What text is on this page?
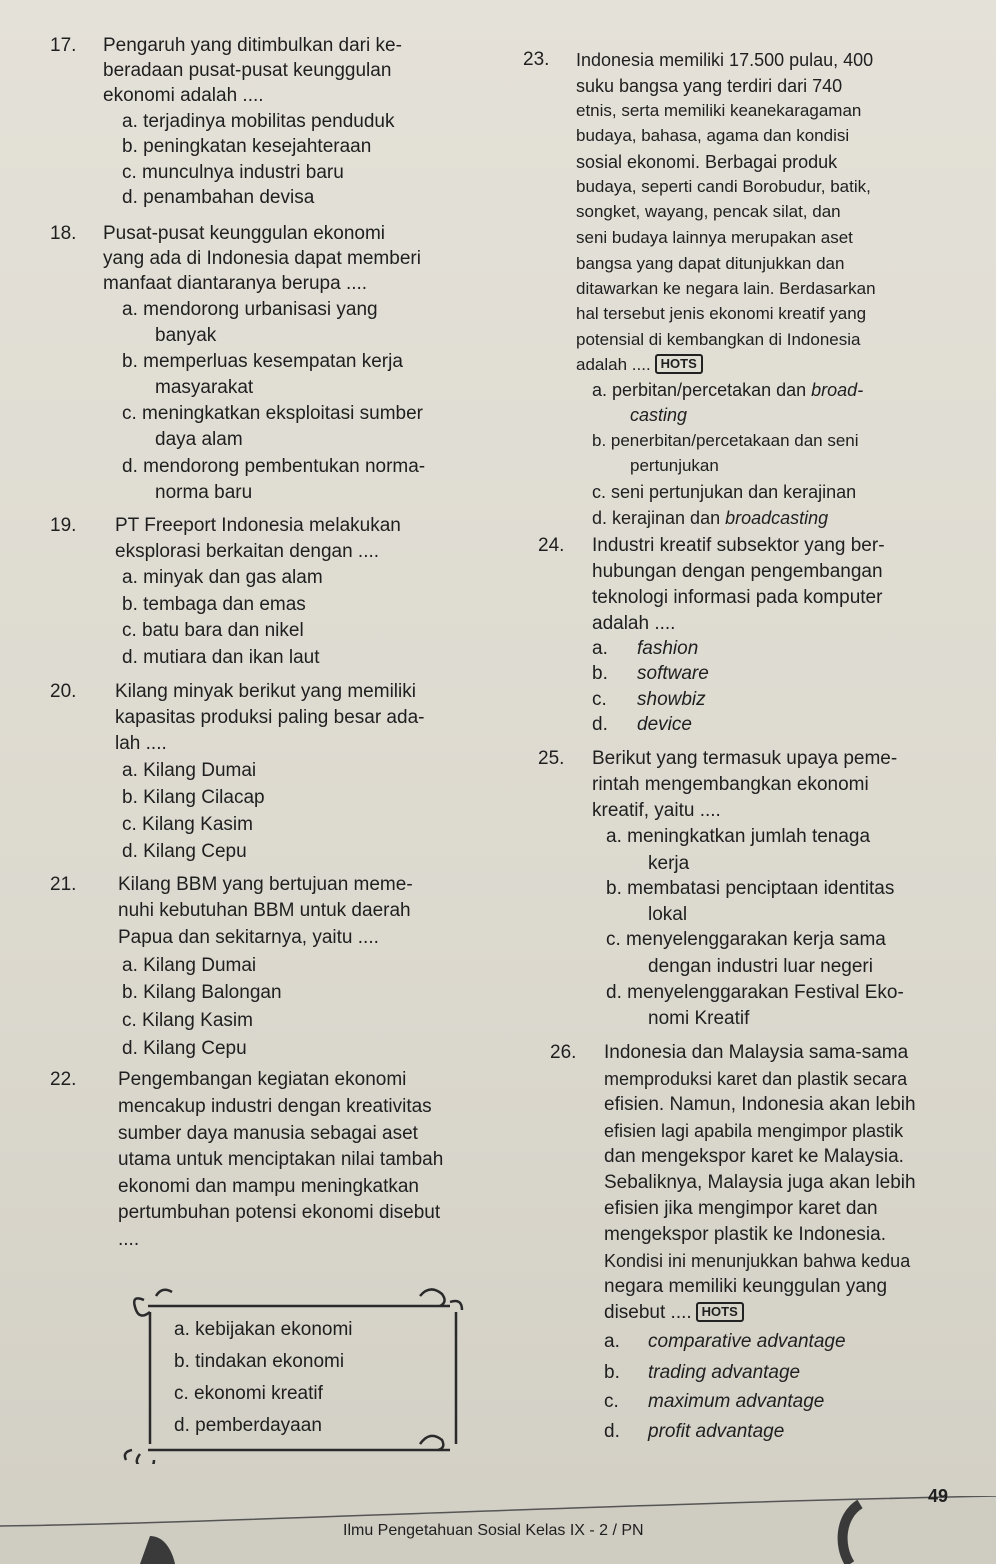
17. Pengaruh yang ditimbulkan dari ke-
beradaan pusat-pusat keunggulan
ekonomi adalah ....
a. terjadinya mobilitas penduduk
b. peningkatan kesejahteraan
c. munculnya industri baru
d. penambahan devisa
18. Pusat-pusat keunggulan ekonomi
yang ada di Indonesia dapat memberi
manfaat diantaranya berupa ....
a. mendorong urbanisasi yang
banyak
b. memperluas kesempatan kerja
masyarakat
c. meningkatkan eksploitasi sumber
daya alam
d. mendorong pembentukan norma-
norma baru
19. PT Freeport Indonesia melakukan
eksplorasi berkaitan dengan ....
a. minyak dan gas alam
b. tembaga dan emas
c. batu bara dan nikel
d. mutiara dan ikan laut
20. Kilang minyak berikut yang memiliki
kapasitas produksi paling besar ada-
lah ....
a. Kilang Dumai
b. Kilang Cilacap
c. Kilang Kasim
d. Kilang Cepu
21. Kilang BBM yang bertujuan meme-
nuhi kebutuhan BBM untuk daerah
Papua dan sekitarnya, yaitu ....
a. Kilang Dumai
b. Kilang Balongan
c. Kilang Kasim
d. Kilang Cepu
22. Pengembangan kegiatan ekonomi
mencakup industri dengan kreativitas
sumber daya manusia sebagai aset
utama untuk menciptakan nilai tambah
ekonomi dan mampu meningkatkan
pertumbuhan potensi ekonomi disebut
....
a. kebijakan ekonomi
b. tindakan ekonomi
c. ekonomi kreatif
d. pemberdayaan
23. Indonesia memiliki 17.500 pulau, 400
suku bangsa yang terdiri dari 740
etnis, serta memiliki keanekaragaman
budaya, bahasa, agama dan kondisi
sosial ekonomi. Berbagai produk
budaya, seperti candi Borobudur, batik,
songket, wayang, pencak silat, dan
seni budaya lainnya merupakan aset
bangsa yang dapat ditunjukkan dan
ditawarkan ke negara lain. Berdasarkan
hal tersebut jenis ekonomi kreatif yang
potensial di kembangkan di Indonesia
adalah .... HOTS
a. perbitan/percetakan dan broad-
casting
b. penerbitan/percetakaan dan seni
pertunjukan
c. seni pertunjukan dan kerajinan
d. kerajinan dan broadcasting
24. Industri kreatif subsektor yang ber-
hubungan dengan pengembangan
teknologi informasi pada komputer
adalah ....
a. fashion
b. software
c. showbiz
d. device
25. Berikut yang termasuk upaya peme-
rintah mengembangkan ekonomi
kreatif, yaitu ....
a. meningkatkan jumlah tenaga
kerja
b. membatasi penciptaan identitas
lokal
c. menyelenggarakan kerja sama
dengan industri luar negeri
d. menyelenggarakan Festival Eko-
nomi Kreatif
26. Indonesia dan Malaysia sama-sama
memproduksi karet dan plastik secara
efisien. Namun, Indonesia akan lebih
efisien lagi apabila mengimpor plastik
dan mengekspor karet ke Malaysia.
Sebaliknya, Malaysia juga akan lebih
efisien jika mengimpor karet dan
mengekspor plastik ke Indonesia.
Kondisi ini menunjukkan bahwa kedua
negara memiliki keunggulan yang
disebut .... HOTS
a. comparative advantage
b. trading advantage
c. maximum advantage
d. profit advantage
Ilmu Pengetahuan Sosial Kelas IX - 2 / PN
49
